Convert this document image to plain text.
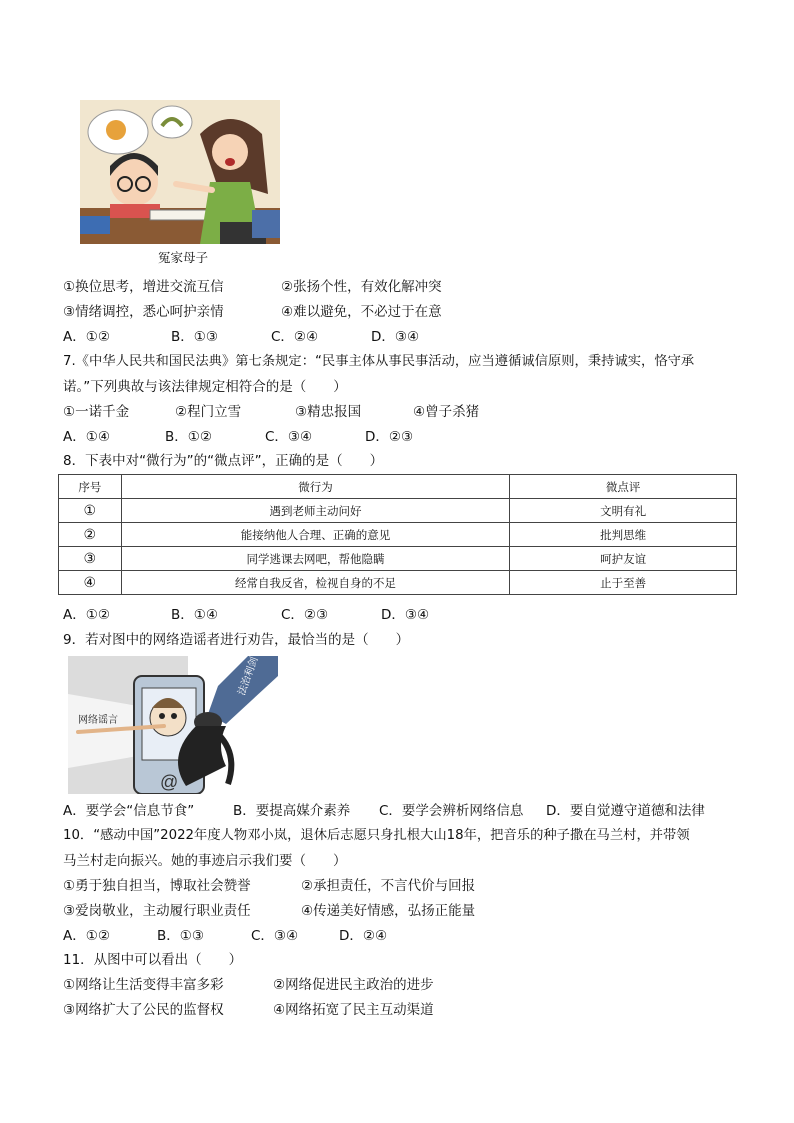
冤家母子
①换位思考，增进交流互信	②张扬个性，有效化解冲突
③情绪调控，悉心呵护亲情	④难以避免，不必过于在意
A．①②	B．①③	C．②④	D．③④
7.《中华人民共和国民法典》第七条规定：“民事主体从事民事活动，应当遵循诚信原则，秉持诚实，恪守承
诺。”下列典故与该法律规定相符合的是（　　）
①一诺千金	②程门立雪	③精忠报国	④曾子杀猪
A．①④	B．①②	C．③④	D．②③
8．下表中对“微行为”的“微点评”，正确的是（　　）
序号	微行为	微点评
①	遇到老师主动问好	文明有礼
②	能接纳他人合理、正确的意见	批判思维
③	同学逃课去网吧，帮他隐瞒	呵护友谊
④	经常自我反省，检视自身的不足	止于至善
A．①②	B．①④	C．②③	D．③④
9．若对图中的网络造谣者进行劝告，最恰当的是（　　）
网络谣言
@
法治利剑
A．要学会“信息节食”	B．要提高媒介素养 C．要学会辨析网络信息 D．要自觉遵守道德和法律
10．“感动中国”2022年度人物邓小岚，退休后志愿只身扎根大山18年，把音乐的种子撒在马兰村，并带领
马兰村走向振兴。她的事迹启示我们要（　　）
①勇于独自担当，博取社会赞誉	②承担责任，不言代价与回报
③爱岗敬业，主动履行职业责任	④传递美好情感，弘扬正能量
A．①②	B．①③	C．③④	D．②④
11．从图中可以看出（　　）
①网络让生活变得丰富多彩	②网络促进民主政治的进步
③网络扩大了公民的监督权	④网络拓宽了民主互动渠道
